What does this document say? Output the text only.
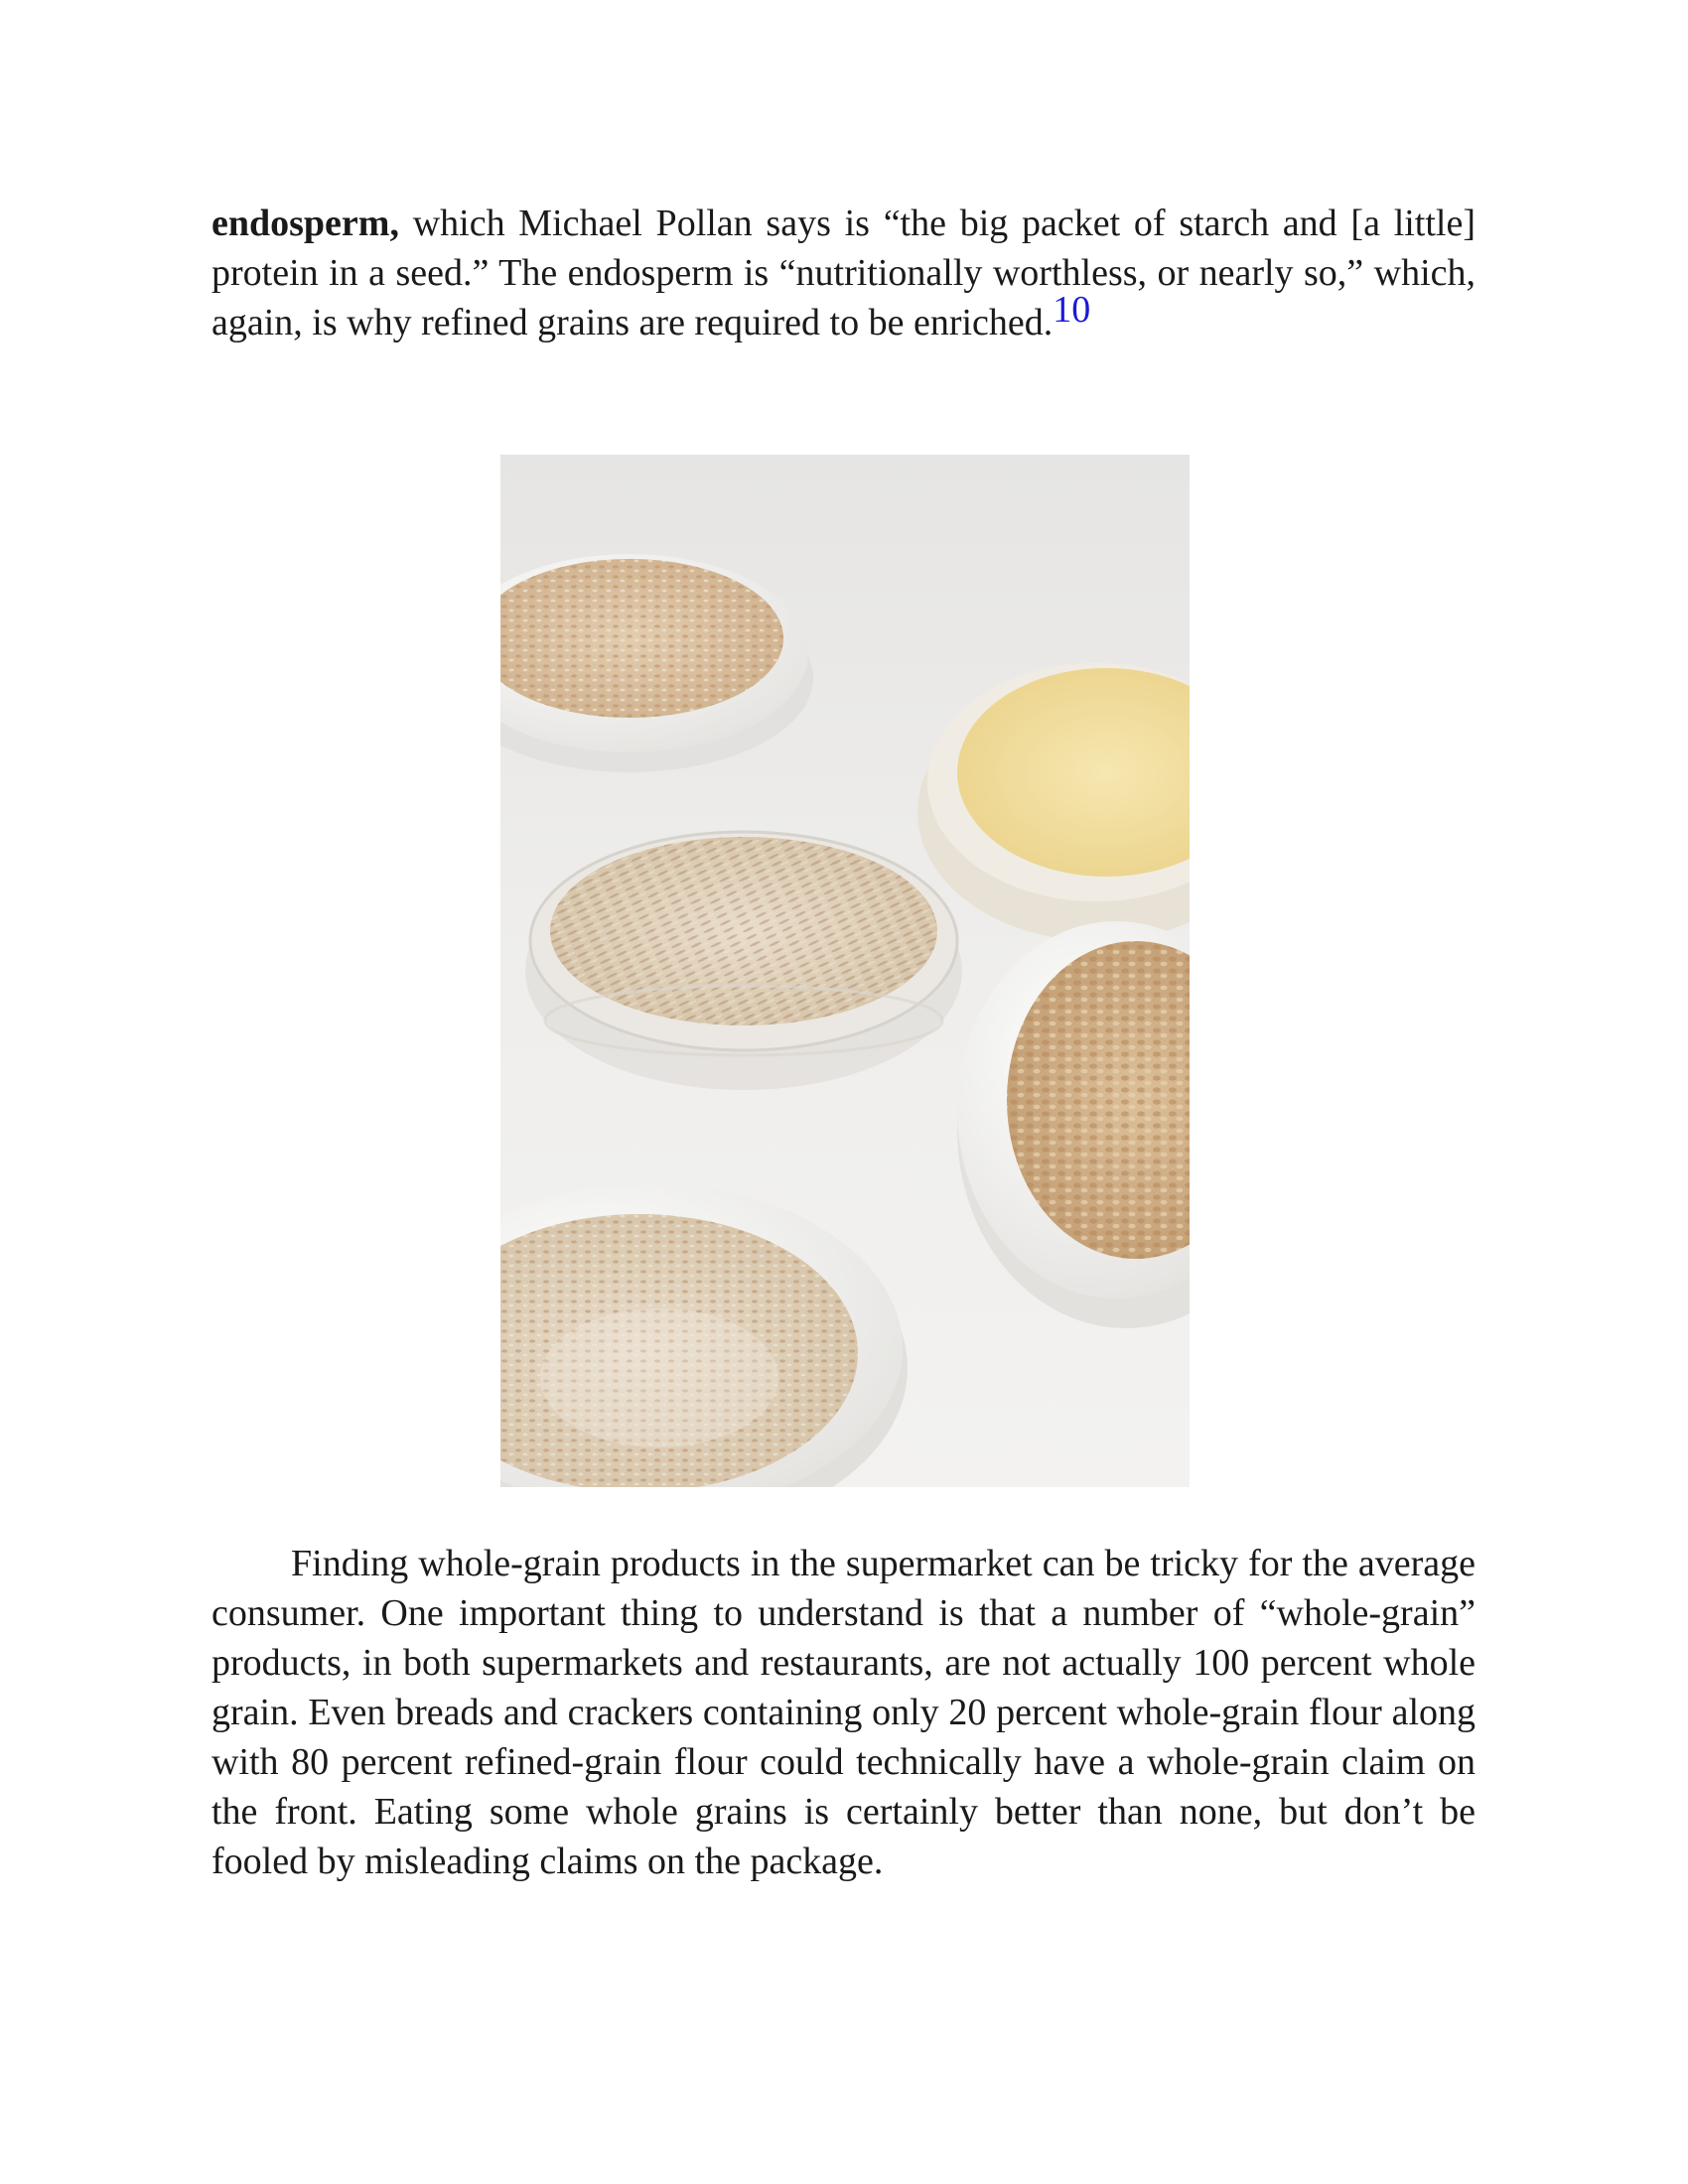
endosperm, which Michael Pollan says is “the big packet of starch and [a little] protein in a seed.” The endosperm is “nutritionally worthless, or nearly so,” which, again, is why refined grains are required to be enriched.10

Finding whole-grain products in the supermarket can be tricky for the average consumer. One important thing to understand is that a number of “whole-grain” products, in both supermarkets and restaurants, are not actually 100 percent whole grain. Even breads and crackers containing only 20 percent whole-grain flour along with 80 percent refined-grain flour could technically have a whole-grain claim on the front. Eating some whole grains is certainly better than none, but don’t be fooled by misleading claims on the package.
